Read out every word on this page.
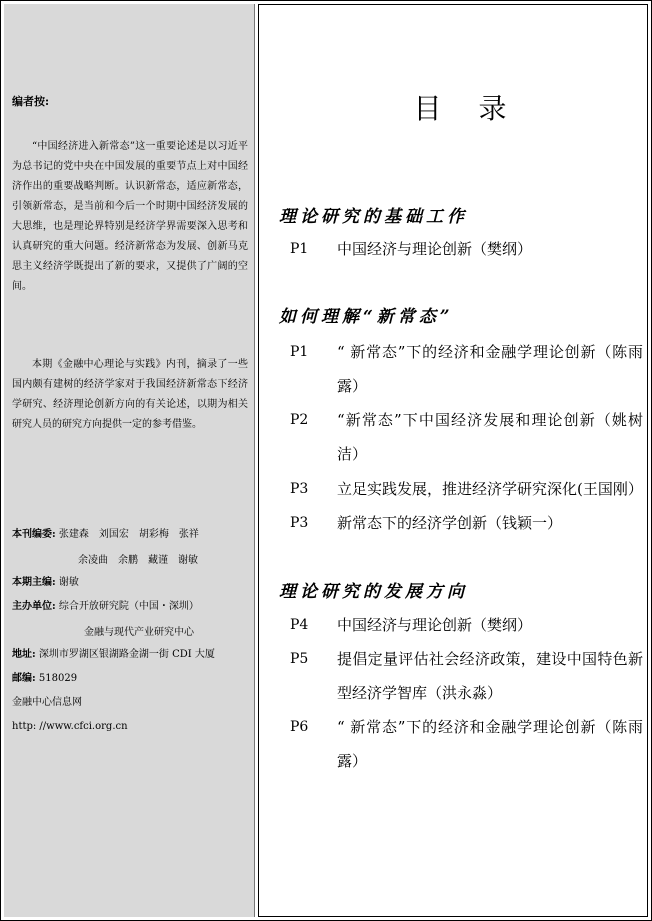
编者按:

“中国经济进入新常态”这一重要论述是以习近平为总书记的党中央在中国发展的重要节点上对中国经济作出的重要战略判断。认识新常态，适应新常态，引领新常态，是当前和今后一个时期中国经济发展的大思维，也是理论界特别是经济学界需要深入思考和认真研究的重大问题。经济新常态为发展、创新马克思主义经济学既提出了新的要求，又提供了广阔的空间。

本期《金融中心理论与实践》内刊，摘录了一些国内颇有建树的经济学家对于我国经济新常态下经济学研究、经济理论创新方向的有关论述，以期为相关研究人员的研究方向提供一定的参考借鉴。

本刊编委: 张建森　刘国宏　胡彩梅　张祥
余凌曲　余鹏　藏谨　谢敏
本期主编: 谢敏
主办单位: 综合开放研究院（中国・深圳）
金融与现代产业研究中心
地址: 深圳市罗湖区银湖路金湖一街 CDI 大厦
邮编: 518029
金融中心信息网
http: //www.cfci.org.cn
目 录
理论研究的基础工作
P1 中国经济与理论创新（樊纲）
如何理解“新常态”
P1 “ 新常态”下的经济和金融学理论创新（陈雨露）
P2 “新常态”下中国经济发展和理论创新（姚树洁）
P3 立足实践发展，推进经济学研究深化(王国刚）
P3 新常态下的经济学创新（钱颖一）
理论研究的发展方向
P4 中国经济与理论创新（樊纲）
P5 提倡定量评估社会经济政策，建设中国特色新型经济学智库（洪永淼）
P6 “ 新常态”下的经济和金融学理论创新（陈雨露）
